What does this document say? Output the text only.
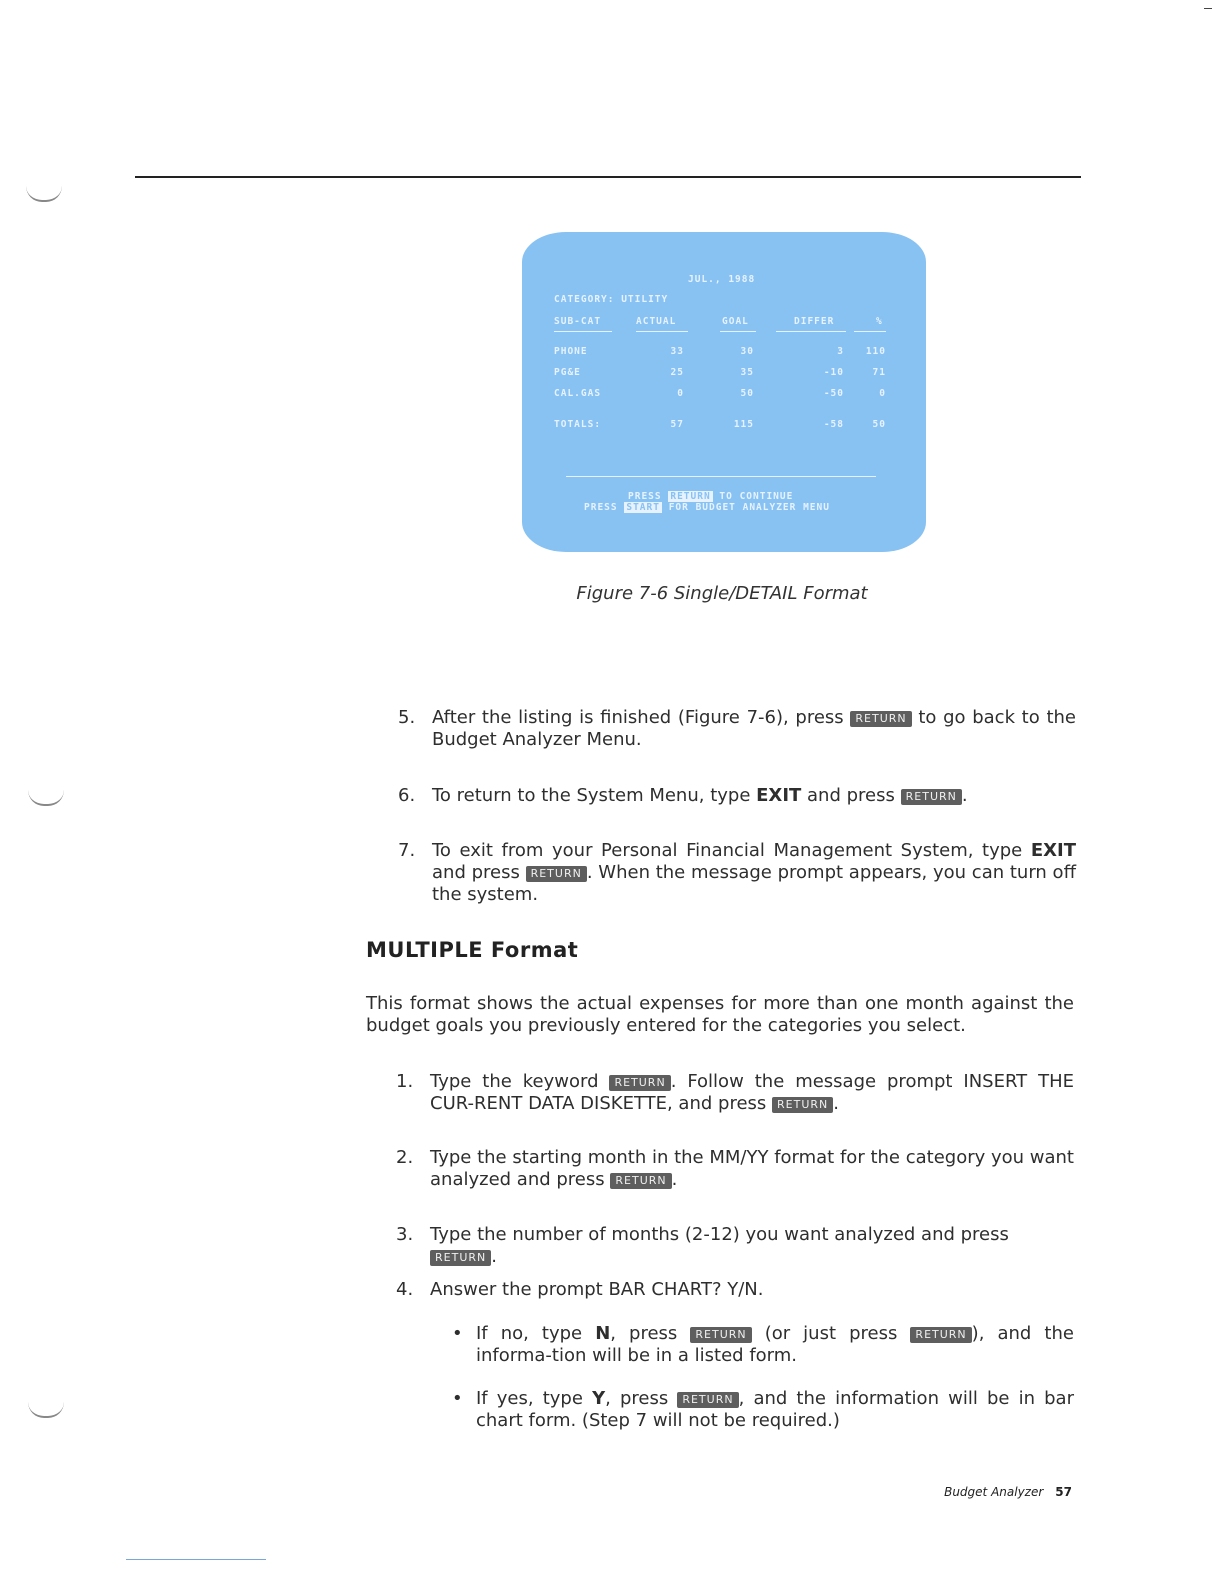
JUL., 1988
CATEGORY: UTILITY
SUB-CAT	ACTUAL	GOAL	DIFFER	%
PHONE	33	30	3	110
PG&E	25	35	-10	71
CAL.GAS	0	50	-50	0
TOTALS:	57	115	-58	50
PRESS RETURN TO CONTINUE
PRESS START FOR BUDGET ANALYZER MENU
Figure 7-6 Single/DETAIL Format
5. After the listing is finished (Figure 7-6), press RETURN to go back to the Budget Analyzer Menu.
6. To return to the System Menu, type EXIT and press RETURN .
7. To exit from your Personal Financial Management System, type EXIT and press RETURN . When the message prompt appears, you can turn off the system.
MULTIPLE Format
This format shows the actual expenses for more than one month against the budget goals you previously entered for the categories you select.
1. Type the keyword RETURN . Follow the message prompt INSERT THE CUR-RENT DATA DISKETTE, and press RETURN .
2. Type the starting month in the MM/YY format for the category you want analyzed and press RETURN .
3. Type the number of months (2-12) you want analyzed and press RETURN .
4. Answer the prompt BAR CHART? Y/N.
• If no, type N, press RETURN (or just press RETURN ), and the informa-tion will be in a listed form.
• If yes, type Y, press RETURN , and the information will be in bar chart form. (Step 7 will not be required.)
Budget Analyzer 57
